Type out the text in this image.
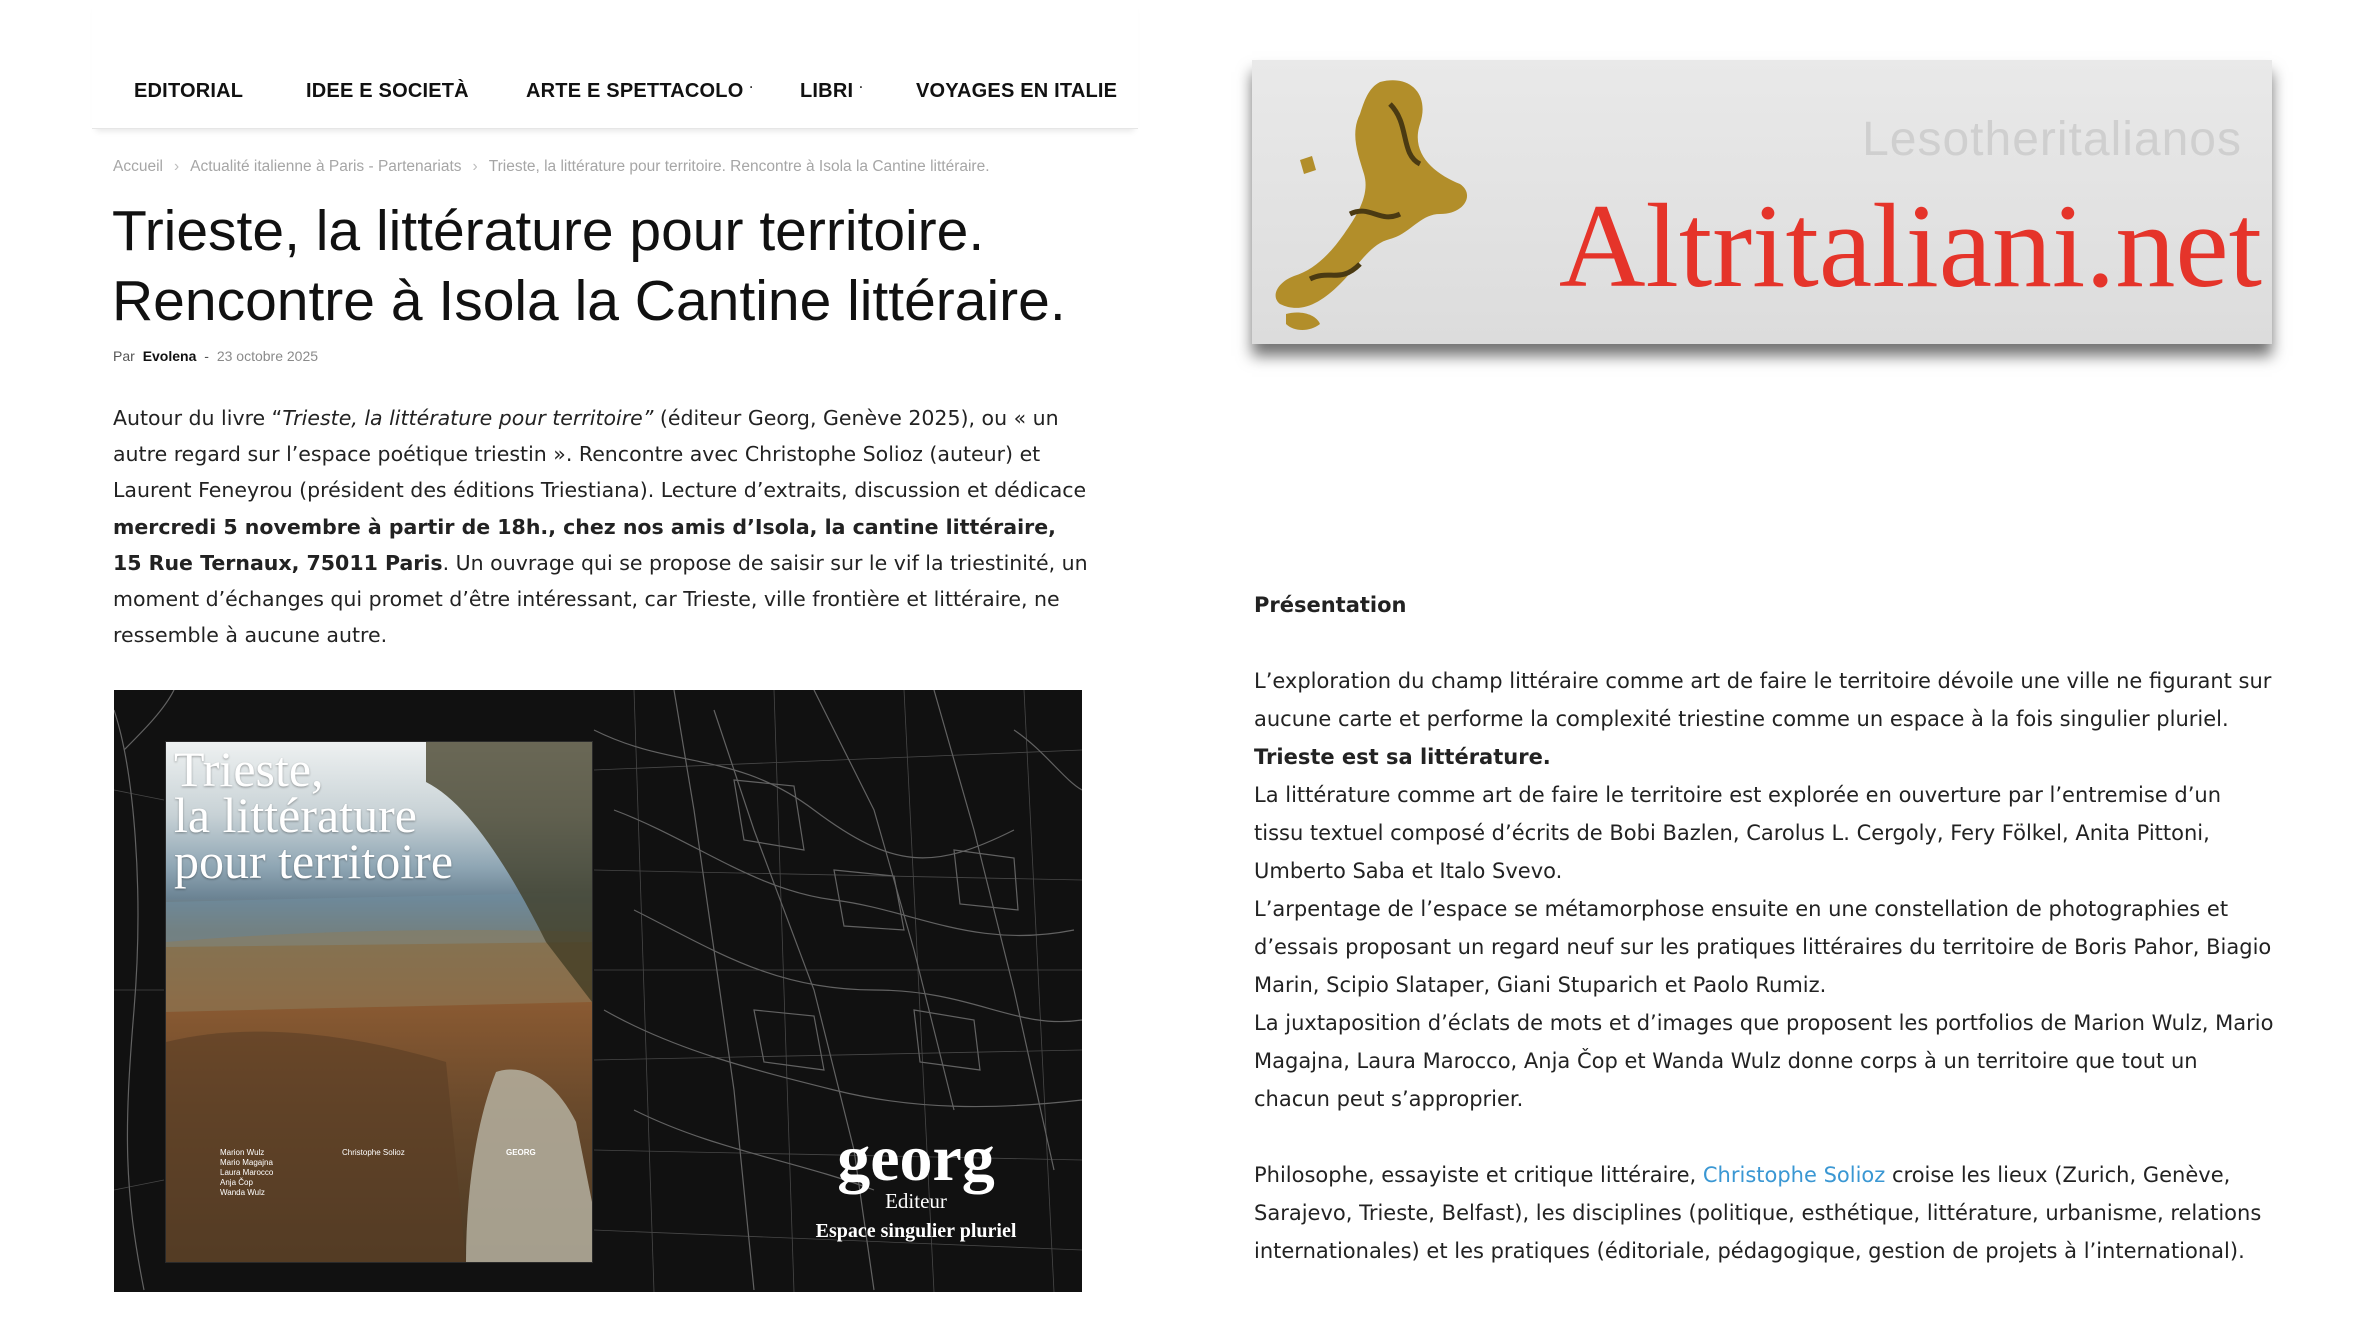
EDITORIAL	IDEE E SOCIETÀ	ARTE E SPETTACOLO · LIBRI ·	VOYAGES EN ITALIE
Accueil › Actualité italienne à Paris - Partenariats › Trieste, la littérature pour territoire. Rencontre à Isola la Cantine littéraire.
Trieste, la littérature pour territoire. Rencontre à Isola la Cantine littéraire.
Par Evolena - 23 octobre 2025

Autour du livre “Trieste, la littérature pour territoire” (éditeur Georg, Genève 2025), ou « un autre regard sur l’espace poétique triestin ». Rencontre avec Christophe Solioz (auteur) et Laurent Feneyrou (président des éditions Triestiana). Lecture d’extraits, discussion et dédicace mercredi 5 novembre à partir de 18h., chez nos amis d’Isola, la cantine littéraire, 15 Rue Ternaux, 75011 Paris. Un ouvrage qui se propose de saisir sur le vif la triestinité, un moment d’échanges qui promet d’être intéressant, car Trieste, ville frontière et littéraire, ne ressemble à aucune autre.

Trieste,
la littérature
pour territoire
Marion Wulz
Mario Magajna
Laura Marocco
Anja Čop
Wanda Wulz
Christophe Solioz	GEORG	georg
Editeur
Espace singulier pluriel
Lesotheritalianos
Altritaliani.net
Présentation

L’exploration du champ littéraire comme art de faire le territoire dévoile une ville ne figurant sur aucune carte et performe la complexité triestine comme un espace à la fois singulier pluriel. Trieste est sa littérature.

La littérature comme art de faire le territoire est explorée en ouverture par l’entremise d’un tissu textuel composé d’écrits de Bobi Bazlen, Carolus L. Cergoly, Fery Fölkel, Anita Pittoni, Umberto Saba et Italo Svevo.

L’arpentage de l’espace se métamorphose ensuite en une constellation de photographies et d’essais proposant un regard neuf sur les pratiques littéraires du territoire de Boris Pahor, Biagio Marin, Scipio Slataper, Giani Stuparich et Paolo Rumiz.

La juxtaposition d’éclats de mots et d’images que proposent les portfolios de Marion Wulz, Mario Magajna, Laura Marocco, Anja Čop et Wanda Wulz donne corps à un territoire que tout un chacun peut s’approprier.

Philosophe, essayiste et critique littéraire, Christophe Solioz croise les lieux (Zurich, Genève, Sarajevo, Trieste, Belfast), les disciplines (politique, esthétique, littérature, urbanisme, relations internationales) et les pratiques (éditoriale, pédagogique, gestion de projets à l’international).
